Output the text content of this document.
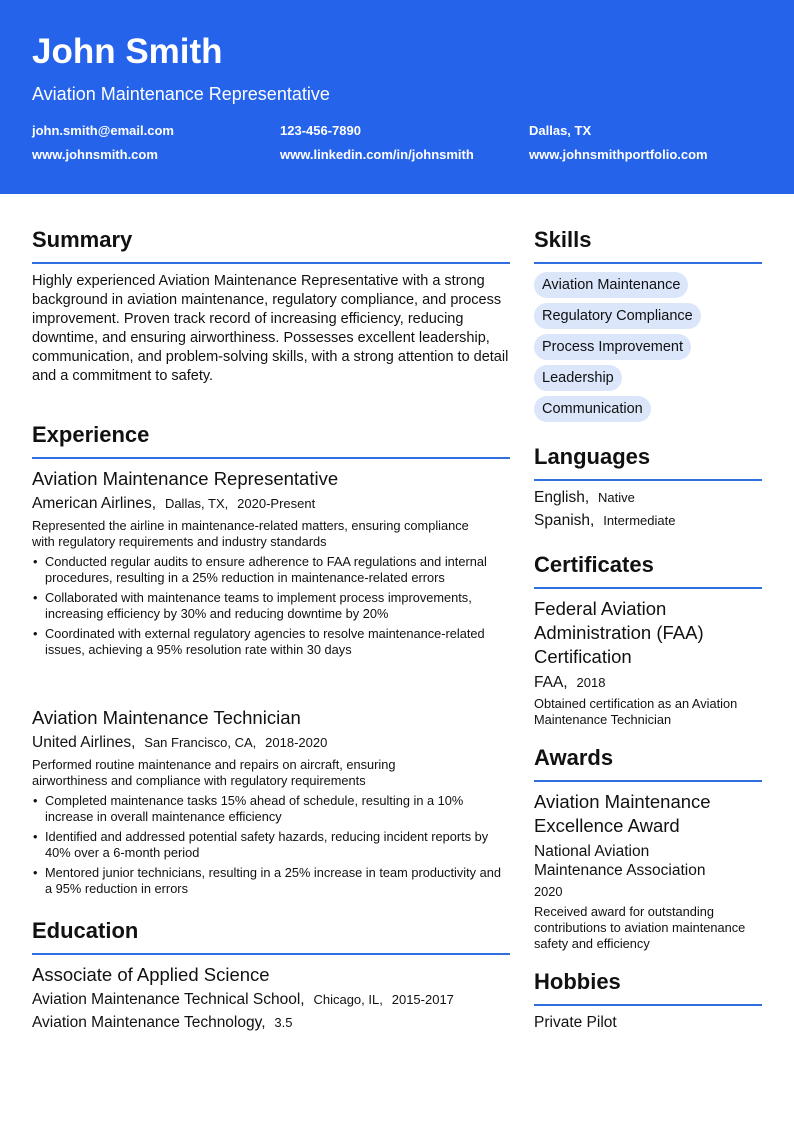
John Smith
Aviation Maintenance Representative
john.smith@email.com	123-456-7890	Dallas, TX
www.johnsmith.com	www.linkedin.com/in/johnsmith	www.johnsmithportfolio.com
Summary
Highly experienced Aviation Maintenance Representative with a strong background in aviation maintenance, regulatory compliance, and process improvement. Proven track record of increasing efficiency, reducing downtime, and ensuring airworthiness. Possesses excellent leadership, communication, and problem-solving skills, with a strong attention to detail and a commitment to safety.
Experience
Aviation Maintenance Representative
American Airlines, Dallas, TX, 2020-Present
Represented the airline in maintenance-related matters, ensuring compliance with regulatory requirements and industry standards
• Conducted regular audits to ensure adherence to FAA regulations and internal procedures, resulting in a 25% reduction in maintenance-related errors
• Collaborated with maintenance teams to implement process improvements, increasing efficiency by 30% and reducing downtime by 20%
• Coordinated with external regulatory agencies to resolve maintenance-related issues, achieving a 95% resolution rate within 30 days
Aviation Maintenance Technician
United Airlines, San Francisco, CA, 2018-2020
Performed routine maintenance and repairs on aircraft, ensuring airworthiness and compliance with regulatory requirements
• Completed maintenance tasks 15% ahead of schedule, resulting in a 10% increase in overall maintenance efficiency
• Identified and addressed potential safety hazards, reducing incident reports by 40% over a 6-month period
• Mentored junior technicians, resulting in a 25% increase in team productivity and a 95% reduction in errors
Education
Associate of Applied Science
Aviation Maintenance Technical School, Chicago, IL, 2015-2017
Aviation Maintenance Technology, 3.5
Skills
Aviation Maintenance
Regulatory Compliance
Process Improvement
Leadership
Communication
Languages
English, Native
Spanish, Intermediate
Certificates
Federal Aviation Administration (FAA) Certification
FAA, 2018
Obtained certification as an Aviation Maintenance Technician
Awards
Aviation Maintenance Excellence Award
National Aviation Maintenance Association
2020
Received award for outstanding contributions to aviation maintenance safety and efficiency
Hobbies
Private Pilot
